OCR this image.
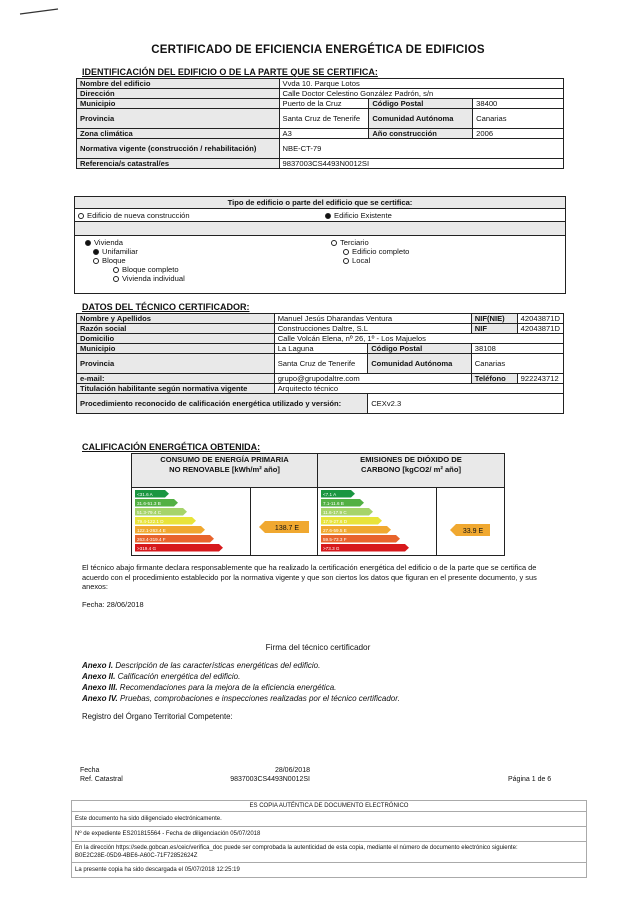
CERTIFICADO DE EFICIENCIA ENERGÉTICA DE EDIFICIOS
IDENTIFICACIÓN DEL EDIFICIO O DE LA PARTE QUE SE CERTIFICA:
Nombre del edificio	Vvda 10. Parque Lotos		
Dirección	Calle Doctor Celestino González Padrón, s/n		
Municipio	Puerto de la Cruz	Código Postal	38400
Provincia	Santa Cruz de Tenerife	Comunidad Autónoma	Canarias
Zona climática	A3	Año construcción	2006
Normativa vigente (construcción / rehabilitación)	NBE-CT-79		
Referencia/s catastral/es	9837003CS4493N0012SI		
Tipo de edificio o parte del edificio que se certifica:
Edificio de nueva construcción	Edificio Existente
Vivienda
Unifamiliar
Bloque
Bloque completo
Vivienda individual
Terciario
Edificio completo
Local
DATOS DEL TÉCNICO CERTIFICADOR:
Nombre y Apellidos	Manuel Jesús Dharandas Ventura		NIF(NIE)	42043871D
Razón social	Construcciones Daltre, S.L		NIF	42043871D
Domicilio	Calle Volcán Elena, nº 26, 1º - Los Majuelos			
Municipio	La Laguna	Código Postal	38108	
Provincia	Santa Cruz de Tenerife	Comunidad Autónoma	Canarias	
e-mail:	grupo@grupodaltre.com		Teléfono	922243712
Titulación habilitante según normativa vigente	Arquitecto técnico			
Procedimiento reconocido de calificación energética utilizado y versión:		CEXv2.3		
CALIFICACIÓN ENERGÉTICA OBTENIDA:
CONSUMO DE ENERGÍA PRIMARIA NO RENOVABLE [kWh/m² año]
<31.6 A
31.6-51.3 B
51.3-79.4 C
79.4-122.1 D
122.1-263.4 E
263.4-319.4 F
>319.4 G
138.7 E
EMISIONES DE DIÓXIDO DE CARBONO [kgCO2/ m² año]
<7.1 A
7.1-11.6 B
11.6-17.9 C
17.9-27.6 D
27.6-59.5 E
59.5-73.3 F
>73.3 G
33.9 E
El técnico abajo firmante declara responsablemente que ha realizado la certificación energética del edificio o de la parte que se certifica de acuerdo con el procedimiento establecido por la normativa vigente y que son ciertos los datos que figuran en el presente documento, y sus anexos:
Fecha: 28/06/2018
Firma del técnico certificador
Anexo I. Descripción de las características energéticas del edificio.
Anexo II. Calificación energética del edificio.
Anexo III. Recomendaciones para la mejora de la eficiencia energética.
Anexo IV. Pruebas, comprobaciones e inspecciones realizadas por el técnico certificador.
Registro del Órgano Territorial Competente:
Fecha
Ref. Catastral
28/06/2018
9837003CS4493N0012SI	Página 1 de 6
ES COPIA AUTÉNTICA DE DOCUMENTO ELECTRÓNICO
Este documento ha sido diligenciado electrónicamente.
Nº de expediente ES201815564 - Fecha de diligenciación 05/07/2018

En la dirección https://sede.gobcan.es/ceic/verifica_doc puede ser comprobada la autenticidad de esta copia, mediante el número de documento electrónico siguiente:
B0E2C28E-05D9-4BE6-A60C-71F72852624Z

La presente copia ha sido descargada el 05/07/2018 12:25:19
